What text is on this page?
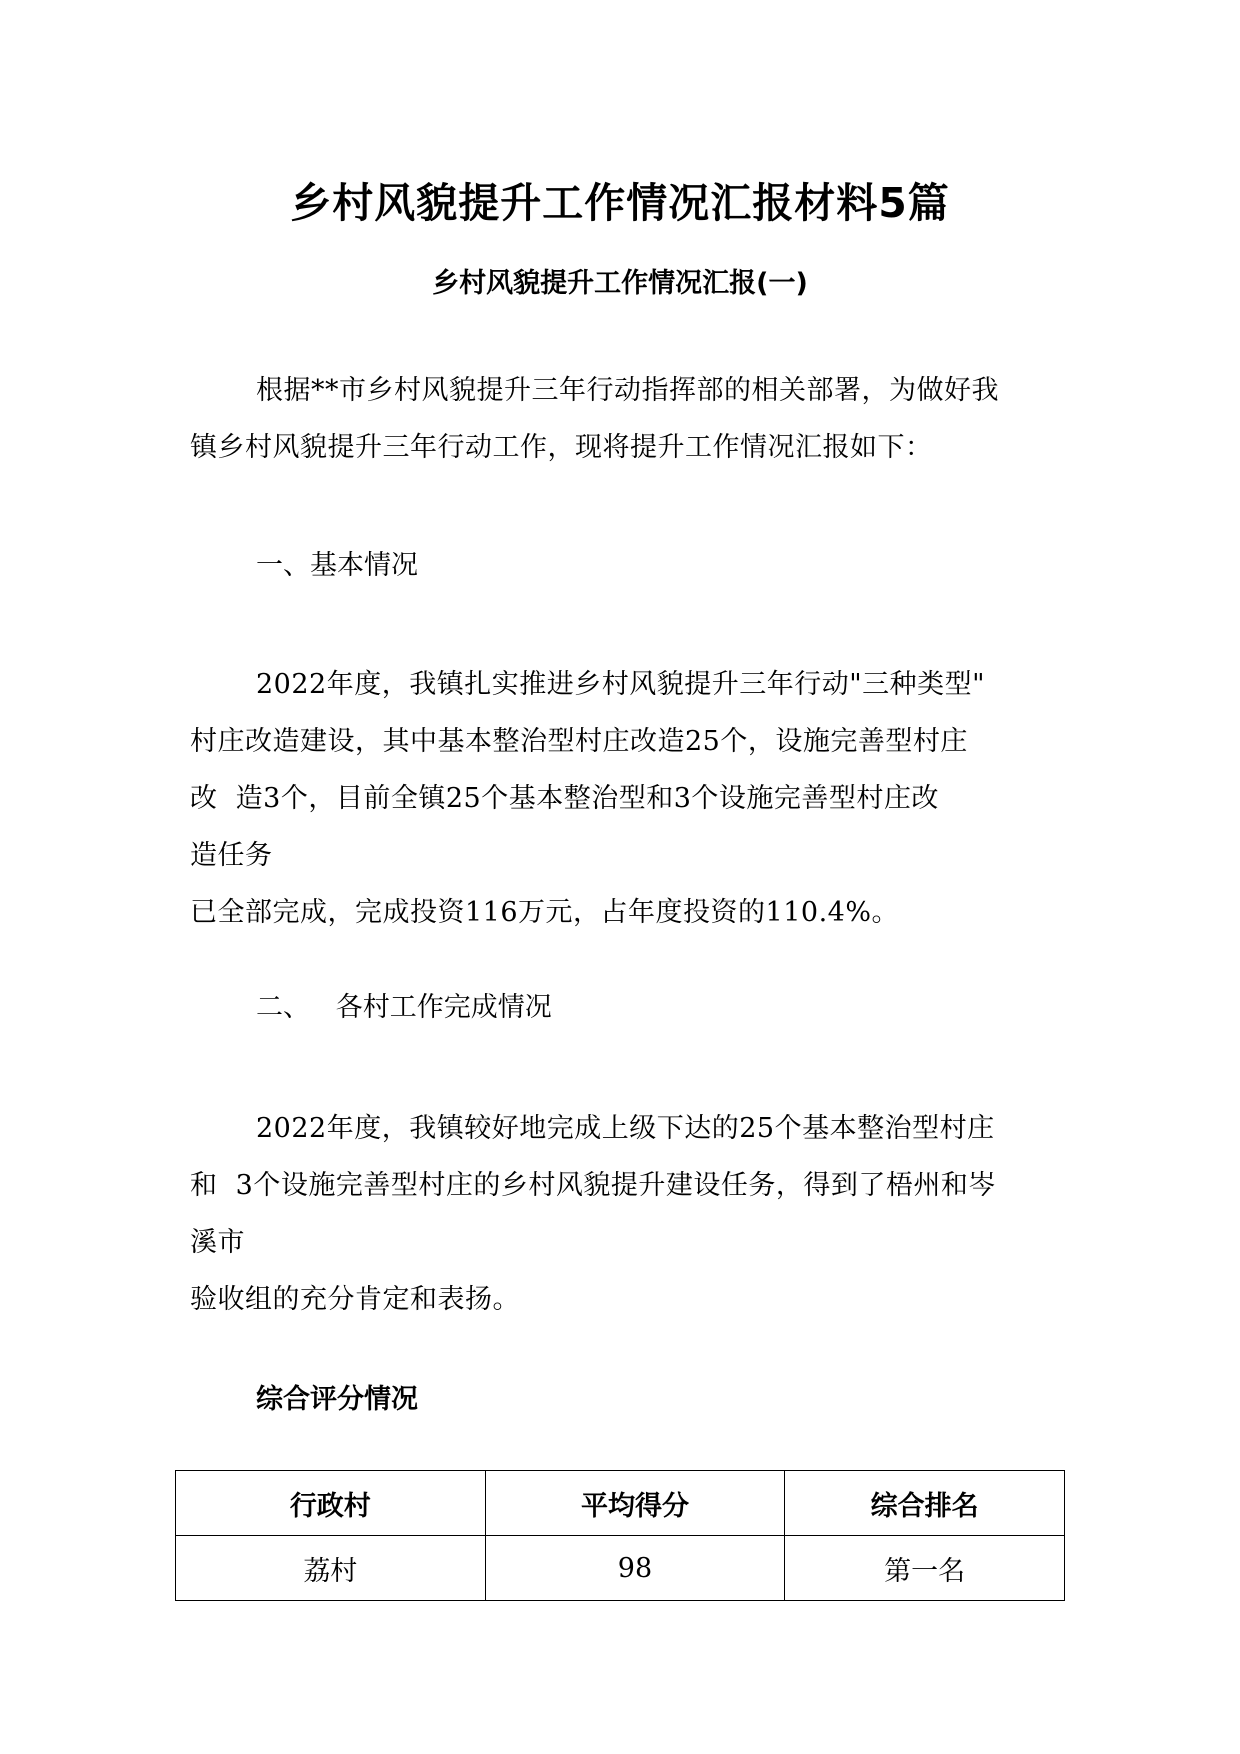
乡村风貌提升工作情况汇报材料5篇
乡村风貌提升工作情况汇报(一)
根据**市乡村风貌提升三年行动指挥部的相关部署，为做好我
镇乡村风貌提升三年行动工作，现将提升工作情况汇报如下：
一、基本情况
2022年度，我镇扎实推进乡村风貌提升三年行动"三种类型"
村庄改造建设，其中基本整治型村庄改造25个，设施完善型村庄
改  造3个，目前全镇25个基本整治型和3个设施完善型村庄改
造任务
已全部完成，完成投资116万元，占年度投资的110.4%。
二、   各村工作完成情况
2022年度，我镇较好地完成上级下达的25个基本整治型村庄
和  3个设施完善型村庄的乡村风貌提升建设任务，得到了梧州和岑
溪市
验收组的充分肯定和表扬。
综合评分情况
行政村	平均得分	综合排名
荔村	98	第一名
